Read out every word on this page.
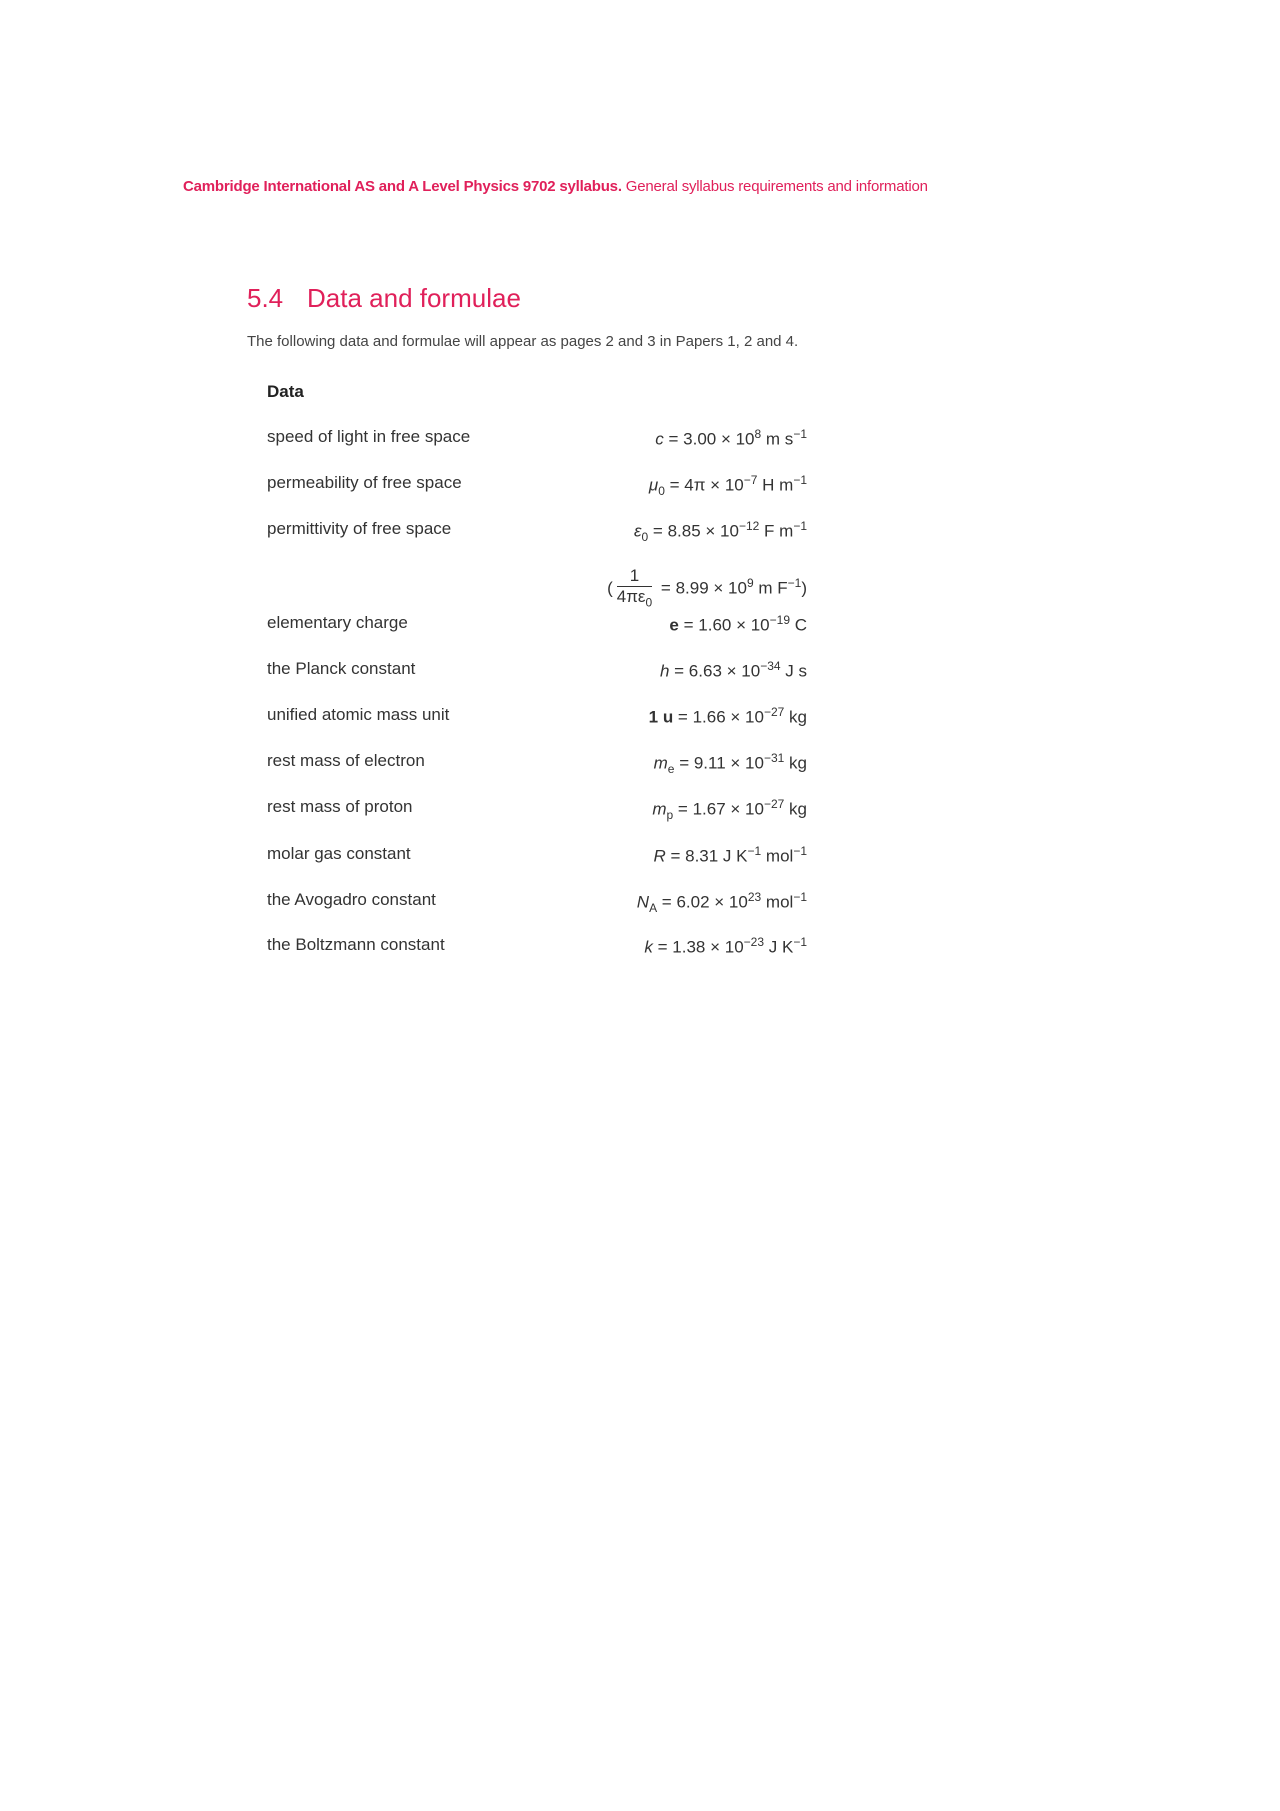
Cambridge International AS and A Level Physics 9702 syllabus. General syllabus requirements and information
5.4 Data and formulae
The following data and formulae will appear as pages 2 and 3 in Papers 1, 2 and 4.
Data
speed of light in free space	$c = 3.00 \times 10^8$ m $s^{-1}$
permeability of free space	$\mu_0 = 4\pi \times 10^{-7}$ H $m^{-1}$
permittivity of free space	$\varepsilon_0 = 8.85 \times 10^{-12}$ F $m^{-1}$
( $\frac{1}{4\pi\varepsilon_0} = 8.99 \times 10^9$ m $F^{-1}$)
elementary charge	$e = 1.60 \times 10^{-19}$ C
the Planck constant	$h = 6.63 \times 10^{-34}$ J s
unified atomic mass unit	1 $u = 1.66 \times 10^{-27}$ kg
rest mass of electron	$m_e = 9.11 \times 10^{-31}$ kg
rest mass of proton	$m_p = 1.67 \times 10^{-27}$ kg
molar gas constant	R = 8.31 J $K^{-1}$ mol$^{-1}$
the Avogadro constant	$N_A = 6.02 \times 10^{23}$ mol$^{-1}$
the Boltzmann constant	$k = 1.38 \times 10^{-23}$ J $K^{-1}$
